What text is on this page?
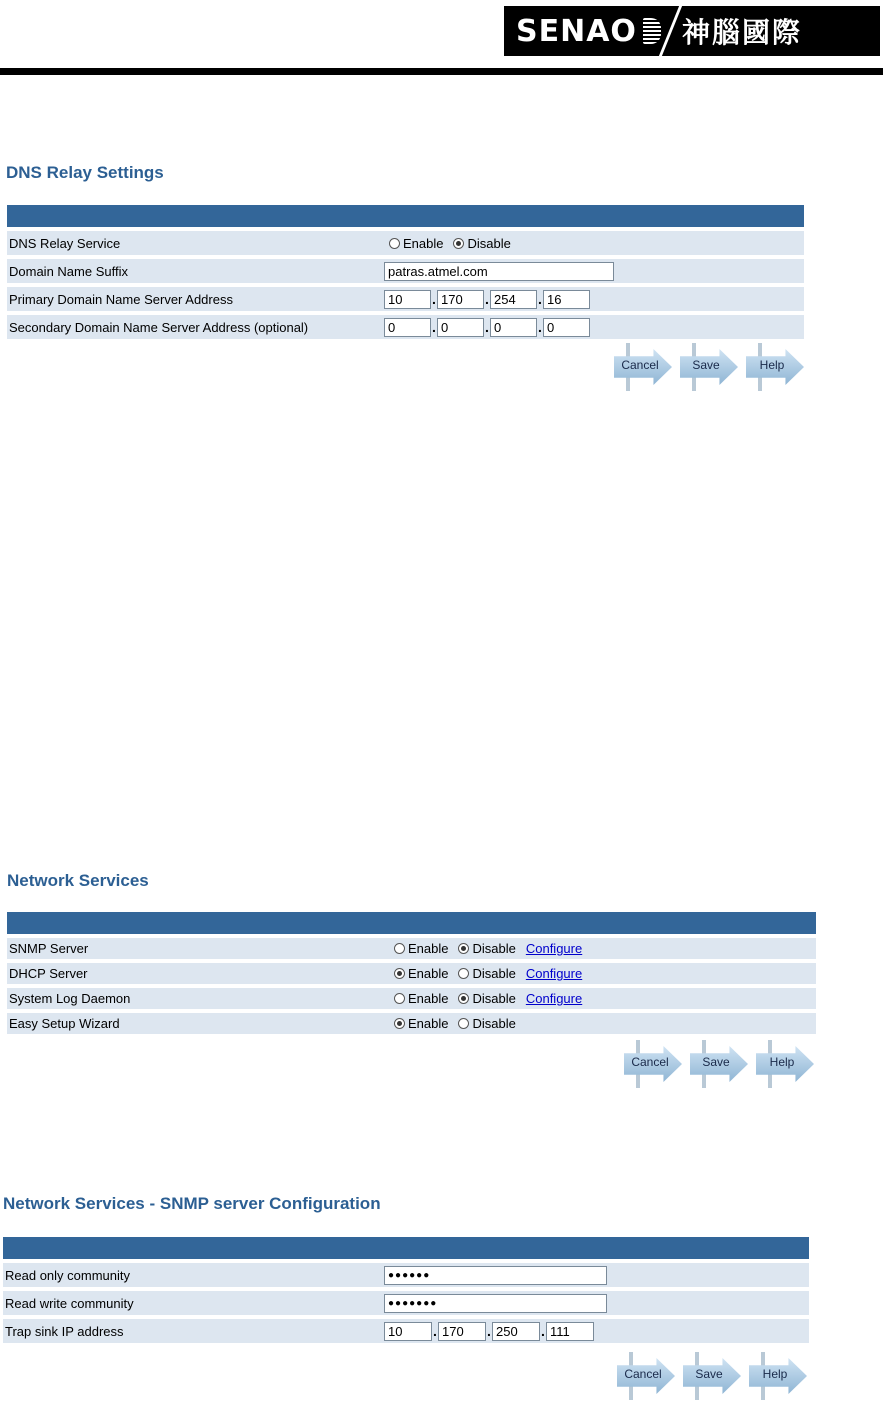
SENAO 神腦國際
DNS Relay Settings
DNS Relay Service	Enable Disable
Domain Name Suffix	patras.atmel.com
Primary Domain Name Server Address	10	. 170	. 254	. 16
Secondary Domain Name Server Address (optional)	0	. 0	. 0	. 0
Cancel	Save	Help
Network Services
SNMP Server	Enable Disable Configure
DHCP Server	Enable Disable Configure
System Log Daemon	Enable Disable Configure
Easy Setup Wizard	Enable Disable
Cancel	Save	Help
Network Services - SNMP server Configuration
Read only community	●●●●●●
Read write community	●●●●●●●
Trap sink IP address	10	. 170	. 250	. 111
Cancel	Save	Help
